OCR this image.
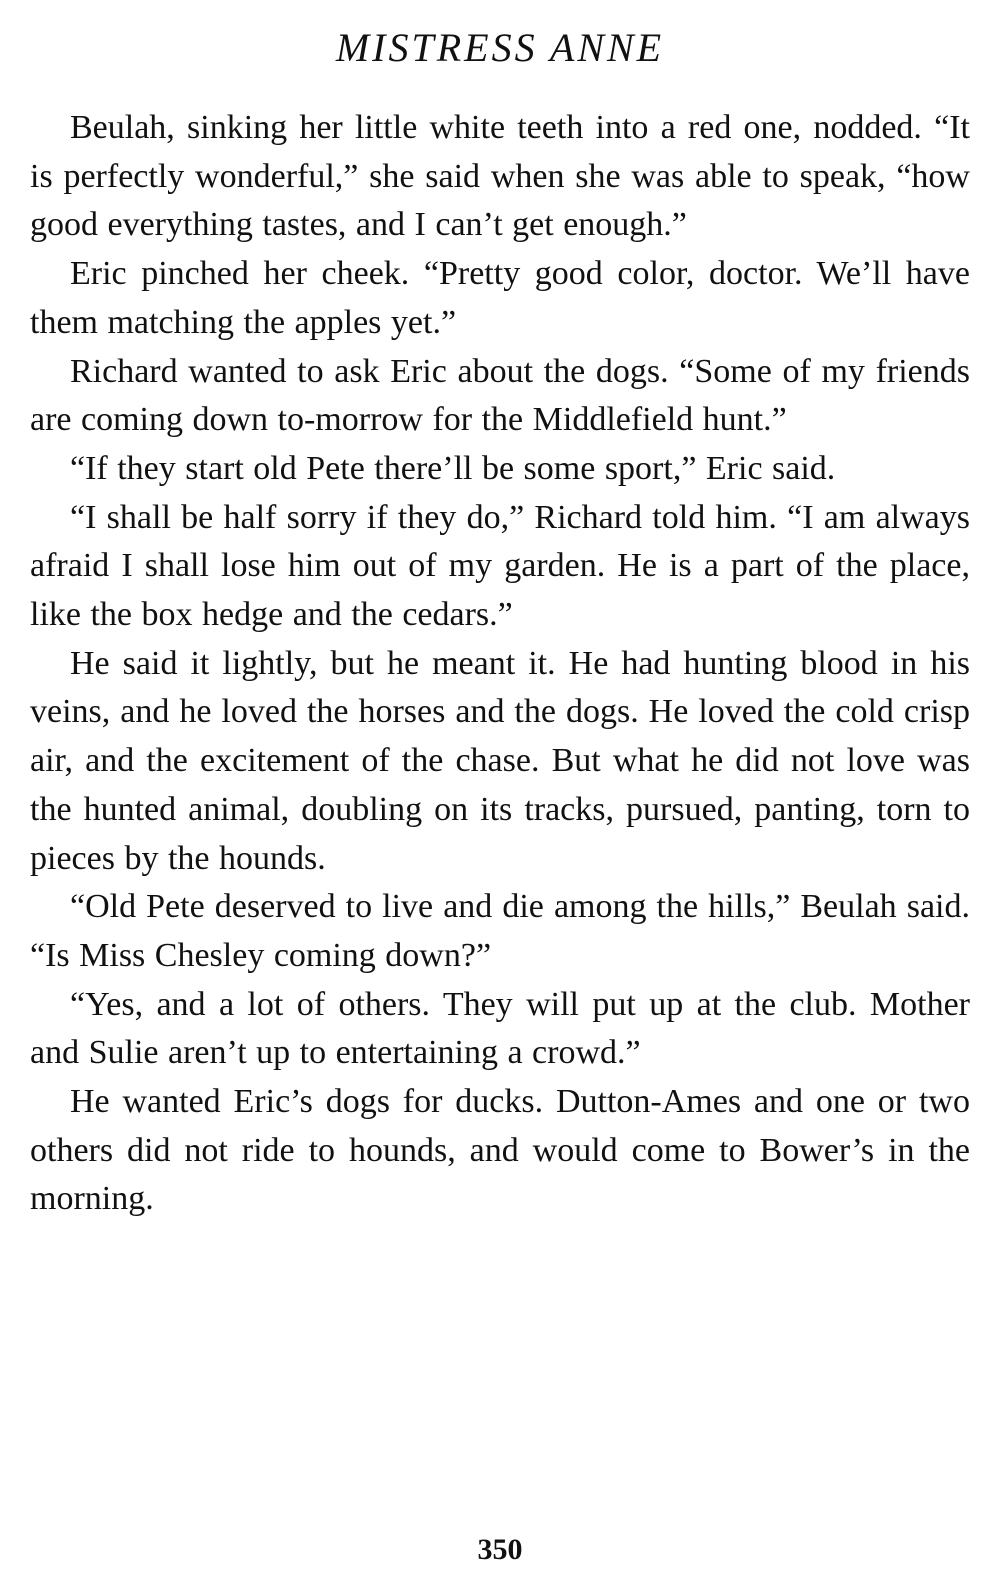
MISTRESS ANNE

Beulah, sinking her little white teeth into a red one, nodded. “It is perfectly wonderful,” she said when she was able to speak, “how good everything tastes, and I can’t get enough.”

Eric pinched her cheek. “Pretty good color, doctor. We’ll have them matching the apples yet.”

Richard wanted to ask Eric about the dogs. “Some of my friends are coming down to-morrow for the Middlefield hunt.”

“If they start old Pete there’ll be some sport,” Eric said.

“I shall be half sorry if they do,” Richard told him. “I am always afraid I shall lose him out of my garden. He is a part of the place, like the box hedge and the cedars.”

He said it lightly, but he meant it. He had hunting blood in his veins, and he loved the horses and the dogs. He loved the cold crisp air, and the excitement of the chase. But what he did not love was the hunted animal, doubling on its tracks, pursued, panting, torn to pieces by the hounds.

“Old Pete deserved to live and die among the hills,” Beulah said. “Is Miss Chesley coming down?”

“Yes, and a lot of others. They will put up at the club. Mother and Sulie aren’t up to entertaining a crowd.”

He wanted Eric’s dogs for ducks. Dutton-Ames and one or two others did not ride to hounds, and would come to Bower’s in the morning.

350
